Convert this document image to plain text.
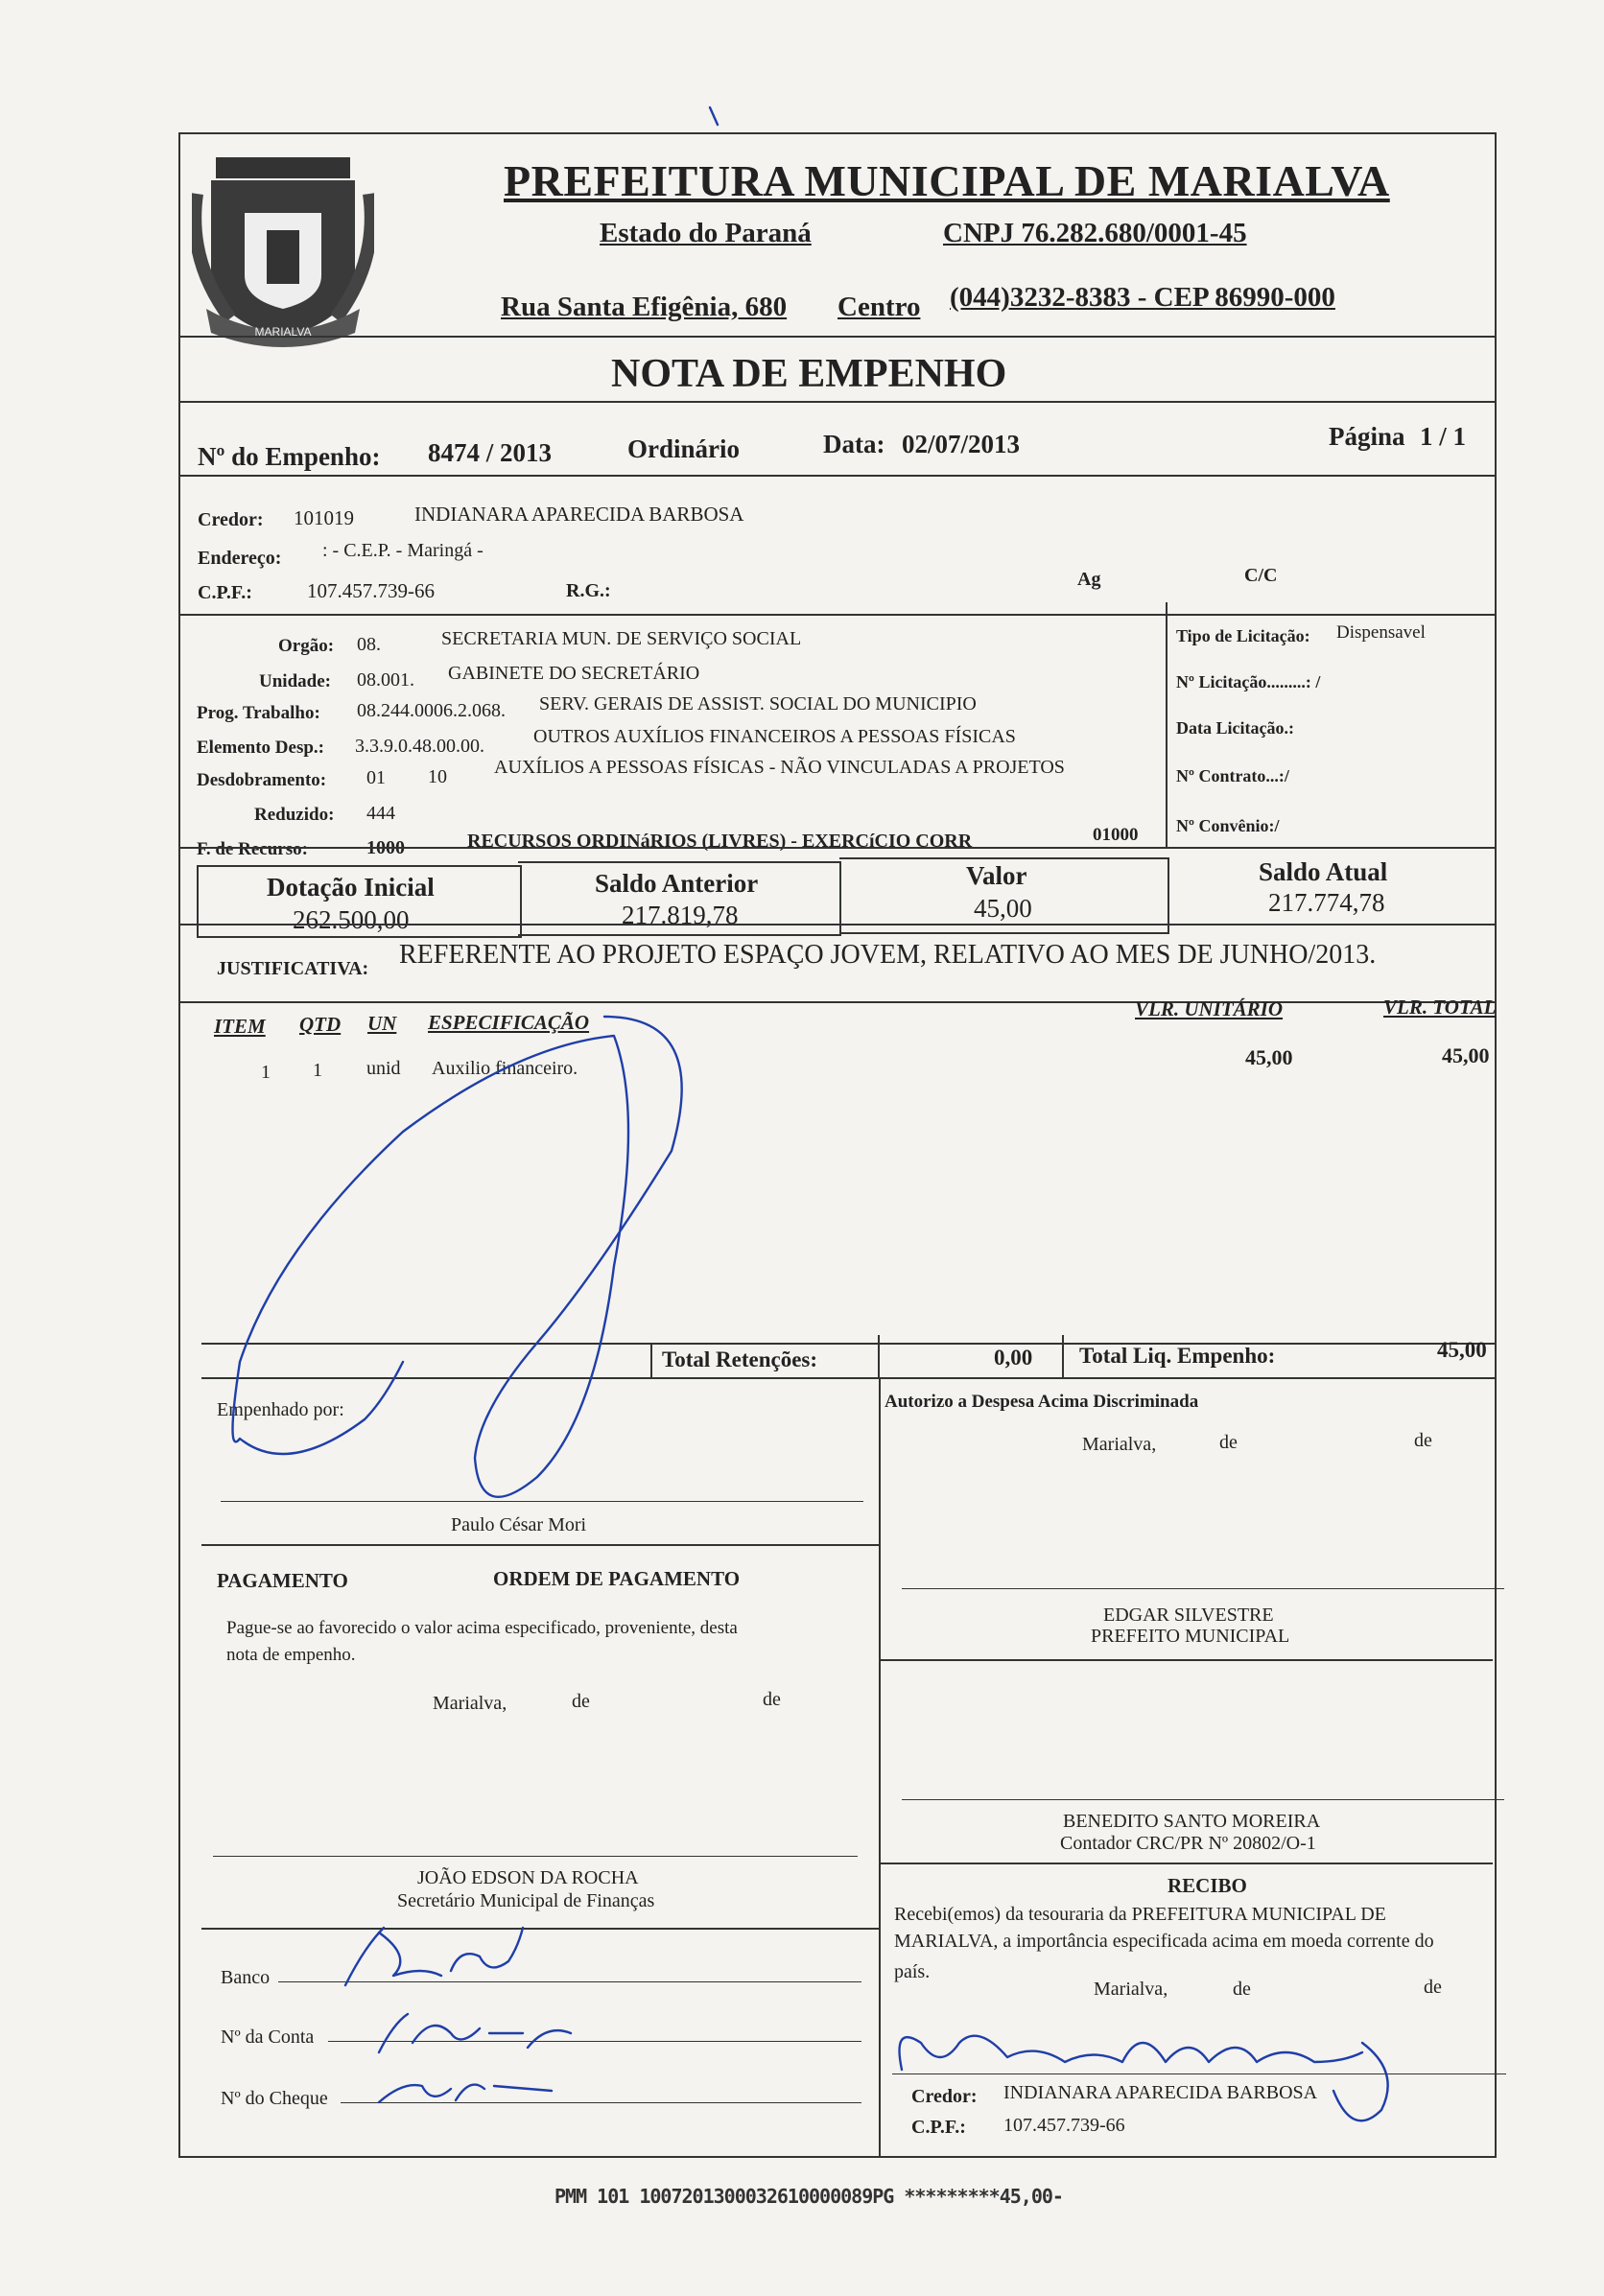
MARIALVA
PREFEITURA MUNICIPAL DE MARIALVA
Estado do Paraná	CNPJ 76.282.680/0001-45
Rua Santa Efigênia, 680 Centro (044)3232-8383 - CEP 86990-000
NOTA DE EMPENHO
Nº do Empenho: 8474 / 2013	Ordinário	Data: 02/07/2013	Página 1 / 1
Credor: 101019	INDIANARA APARECIDA BARBOSA
Endereço: : - C.E.P. - Maringá -
C.P.F.:	107.457.739-66	R.G.:
Ag	C/C
Orgão: 08.	SECRETARIA MUN. DE SERVIÇO SOCIAL
Unidade: 08.001. GABINETE DO SECRETÁRIO
Prog. Trabalho: 08.244.0006.2.068. SERV. GERAIS DE ASSIST. SOCIAL DO MUNICIPIO
Elemento Desp.: 3.3.9.0.48.00.00.	OUTROS AUXÍLIOS FINANCEIROS A PESSOAS FÍSICAS
Desdobramento: 01 10 AUXÍLIOS A PESSOAS FÍSICAS - NÃO VINCULADAS A PROJETOS
Reduzido: 444
F. de Recurso:	1000	RECURSOS ORDINáRIOS (LIVRES) - EXERCíCIO CORR	01000
Tipo de Licitação: Dispensavel
Nº Licitação.........: /
Data Licitação.:
Nº Contrato...:/
Nº Convênio:/
Dotação Inicial
262.500,00
Saldo Anterior
217.819,78
Valor
45,00
Saldo Atual
217.774,78
JUSTIFICATIVA: REFERENTE AO PROJETO ESPAÇO JOVEM, RELATIVO AO MES DE JUNHO/2013.
ITEM QTD UN ESPECIFICAÇÃO
VLR. UNITÁRIO	VLR. TOTAL
1 1 unid Auxilio financeiro.	45,00	45,00
Total Retenções:	0,00 Total Liq. Empenho:	45,00
Empenhado por:
Paulo César Mori
Autorizo a Despesa Acima Discriminada
Marialva,	de	de
EDGAR SILVESTRE
PREFEITO MUNICIPAL
BENEDITO SANTO MOREIRA
Contador CRC/PR Nº 20802/O-1
PAGAMENTO	ORDEM DE PAGAMENTO
Pague-se ao favorecido o valor acima especificado, proveniente, desta
nota de empenho.
Marialva,	de	de
JOÃO EDSON DA ROCHA
Secretário Municipal de Finanças
Banco
Nº da Conta
Nº do Cheque
RECIBO
Recebi(emos) da tesouraria da PREFEITURA MUNICIPAL DE
MARIALVA, a importância especificada acima em moeda corrente do
país.
Marialva,	de	de
Credor: INDIANARA APARECIDA BARBOSA
C.P.F.: 107.457.739-66
PMM 101 1007201300032610000089PG *********45,00-
